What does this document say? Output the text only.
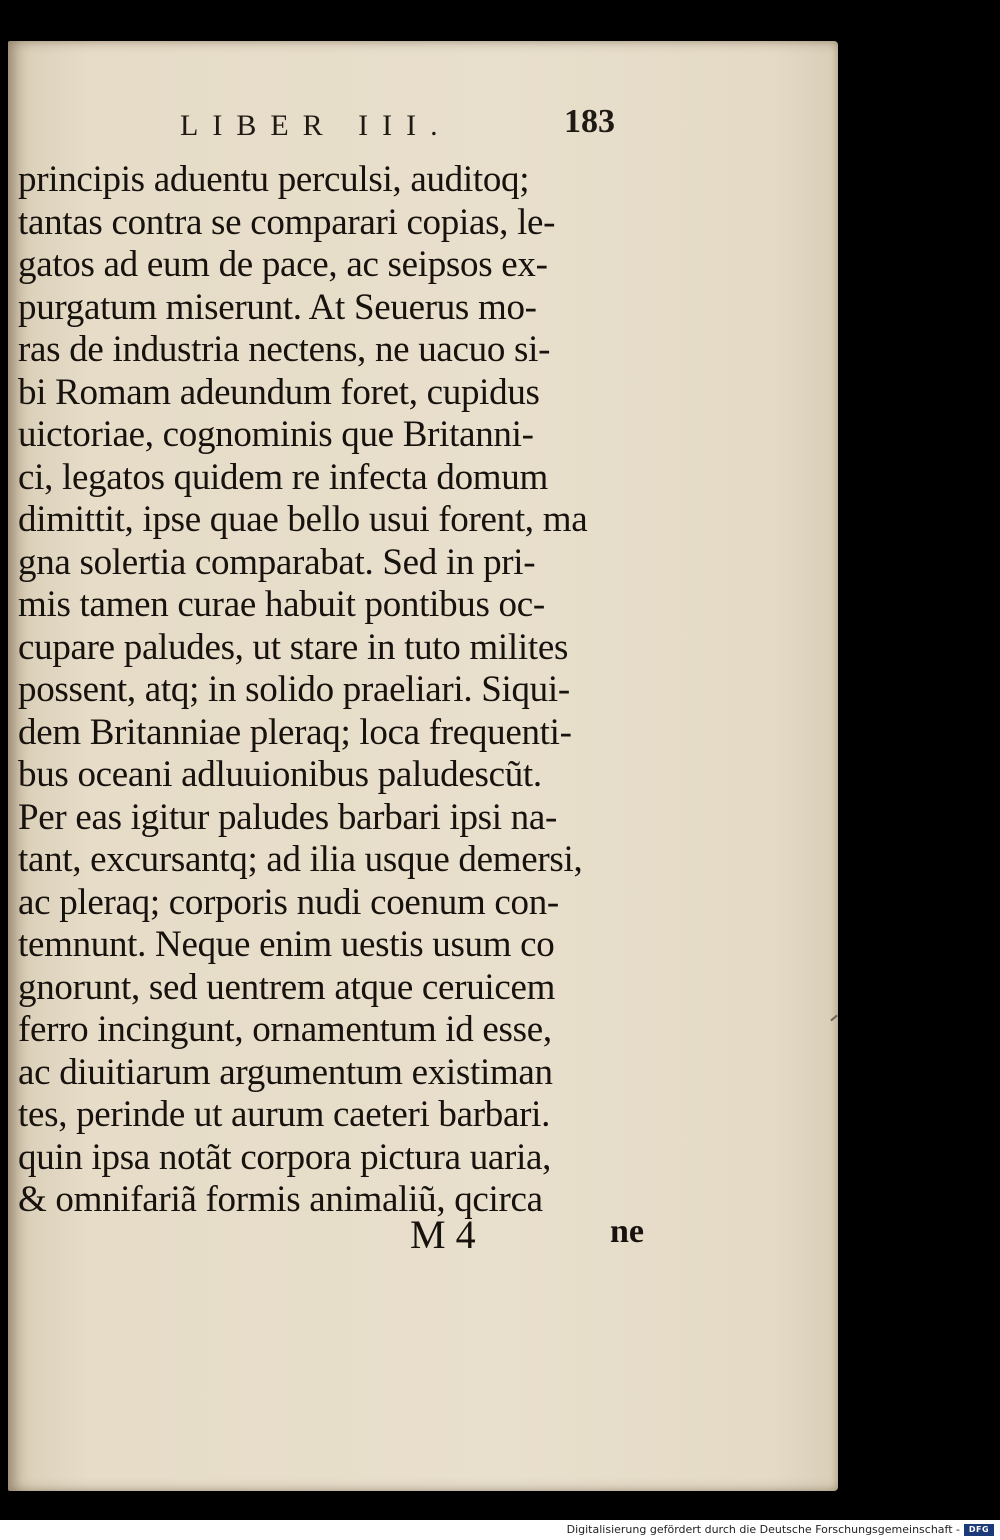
LIBER III.	183
principis aduentu perculsi, auditoq;
tantas contra se comparari copias, le-
gatos ad eum de pace, ac seipsos ex-
purgatum miserunt. At Seuerus mo-
ras de industria nectens, ne uacuo si-
bi Romam adeundum foret, cupidus
uictoriae, cognominis que Britanni-
ci, legatos quidem re infecta domum
dimittit, ipse quae bello usui forent, ma
gna solertia comparabat. Sed in pri-
mis tamen curae habuit pontibus oc-
cupare paludes, ut stare in tuto milites
possent, atq; in solido praeliari. Siqui-
dem Britanniae pleraq; loca frequenti-
bus oceani adluuionibus paludescũt.
Per eas igitur paludes barbari ipsi na-
tant, excursantq; ad ilia usque demersi,
ac pleraq; corporis nudi coenum con-
temnunt. Neque enim uestis usum co
gnorunt, sed uentrem atque ceruicem
ferro incingunt, ornamentum id esse,
ac diuitiarum argumentum existiman
tes, perinde ut aurum caeteri barbari.
quin ipsa notãt corpora pictura uaria,
& omnifariã formis animaliũ, qcirca
M 4	ne
Digitalisierung gefördert durch die Deutsche Forschungsgemeinschaft -	DFG
